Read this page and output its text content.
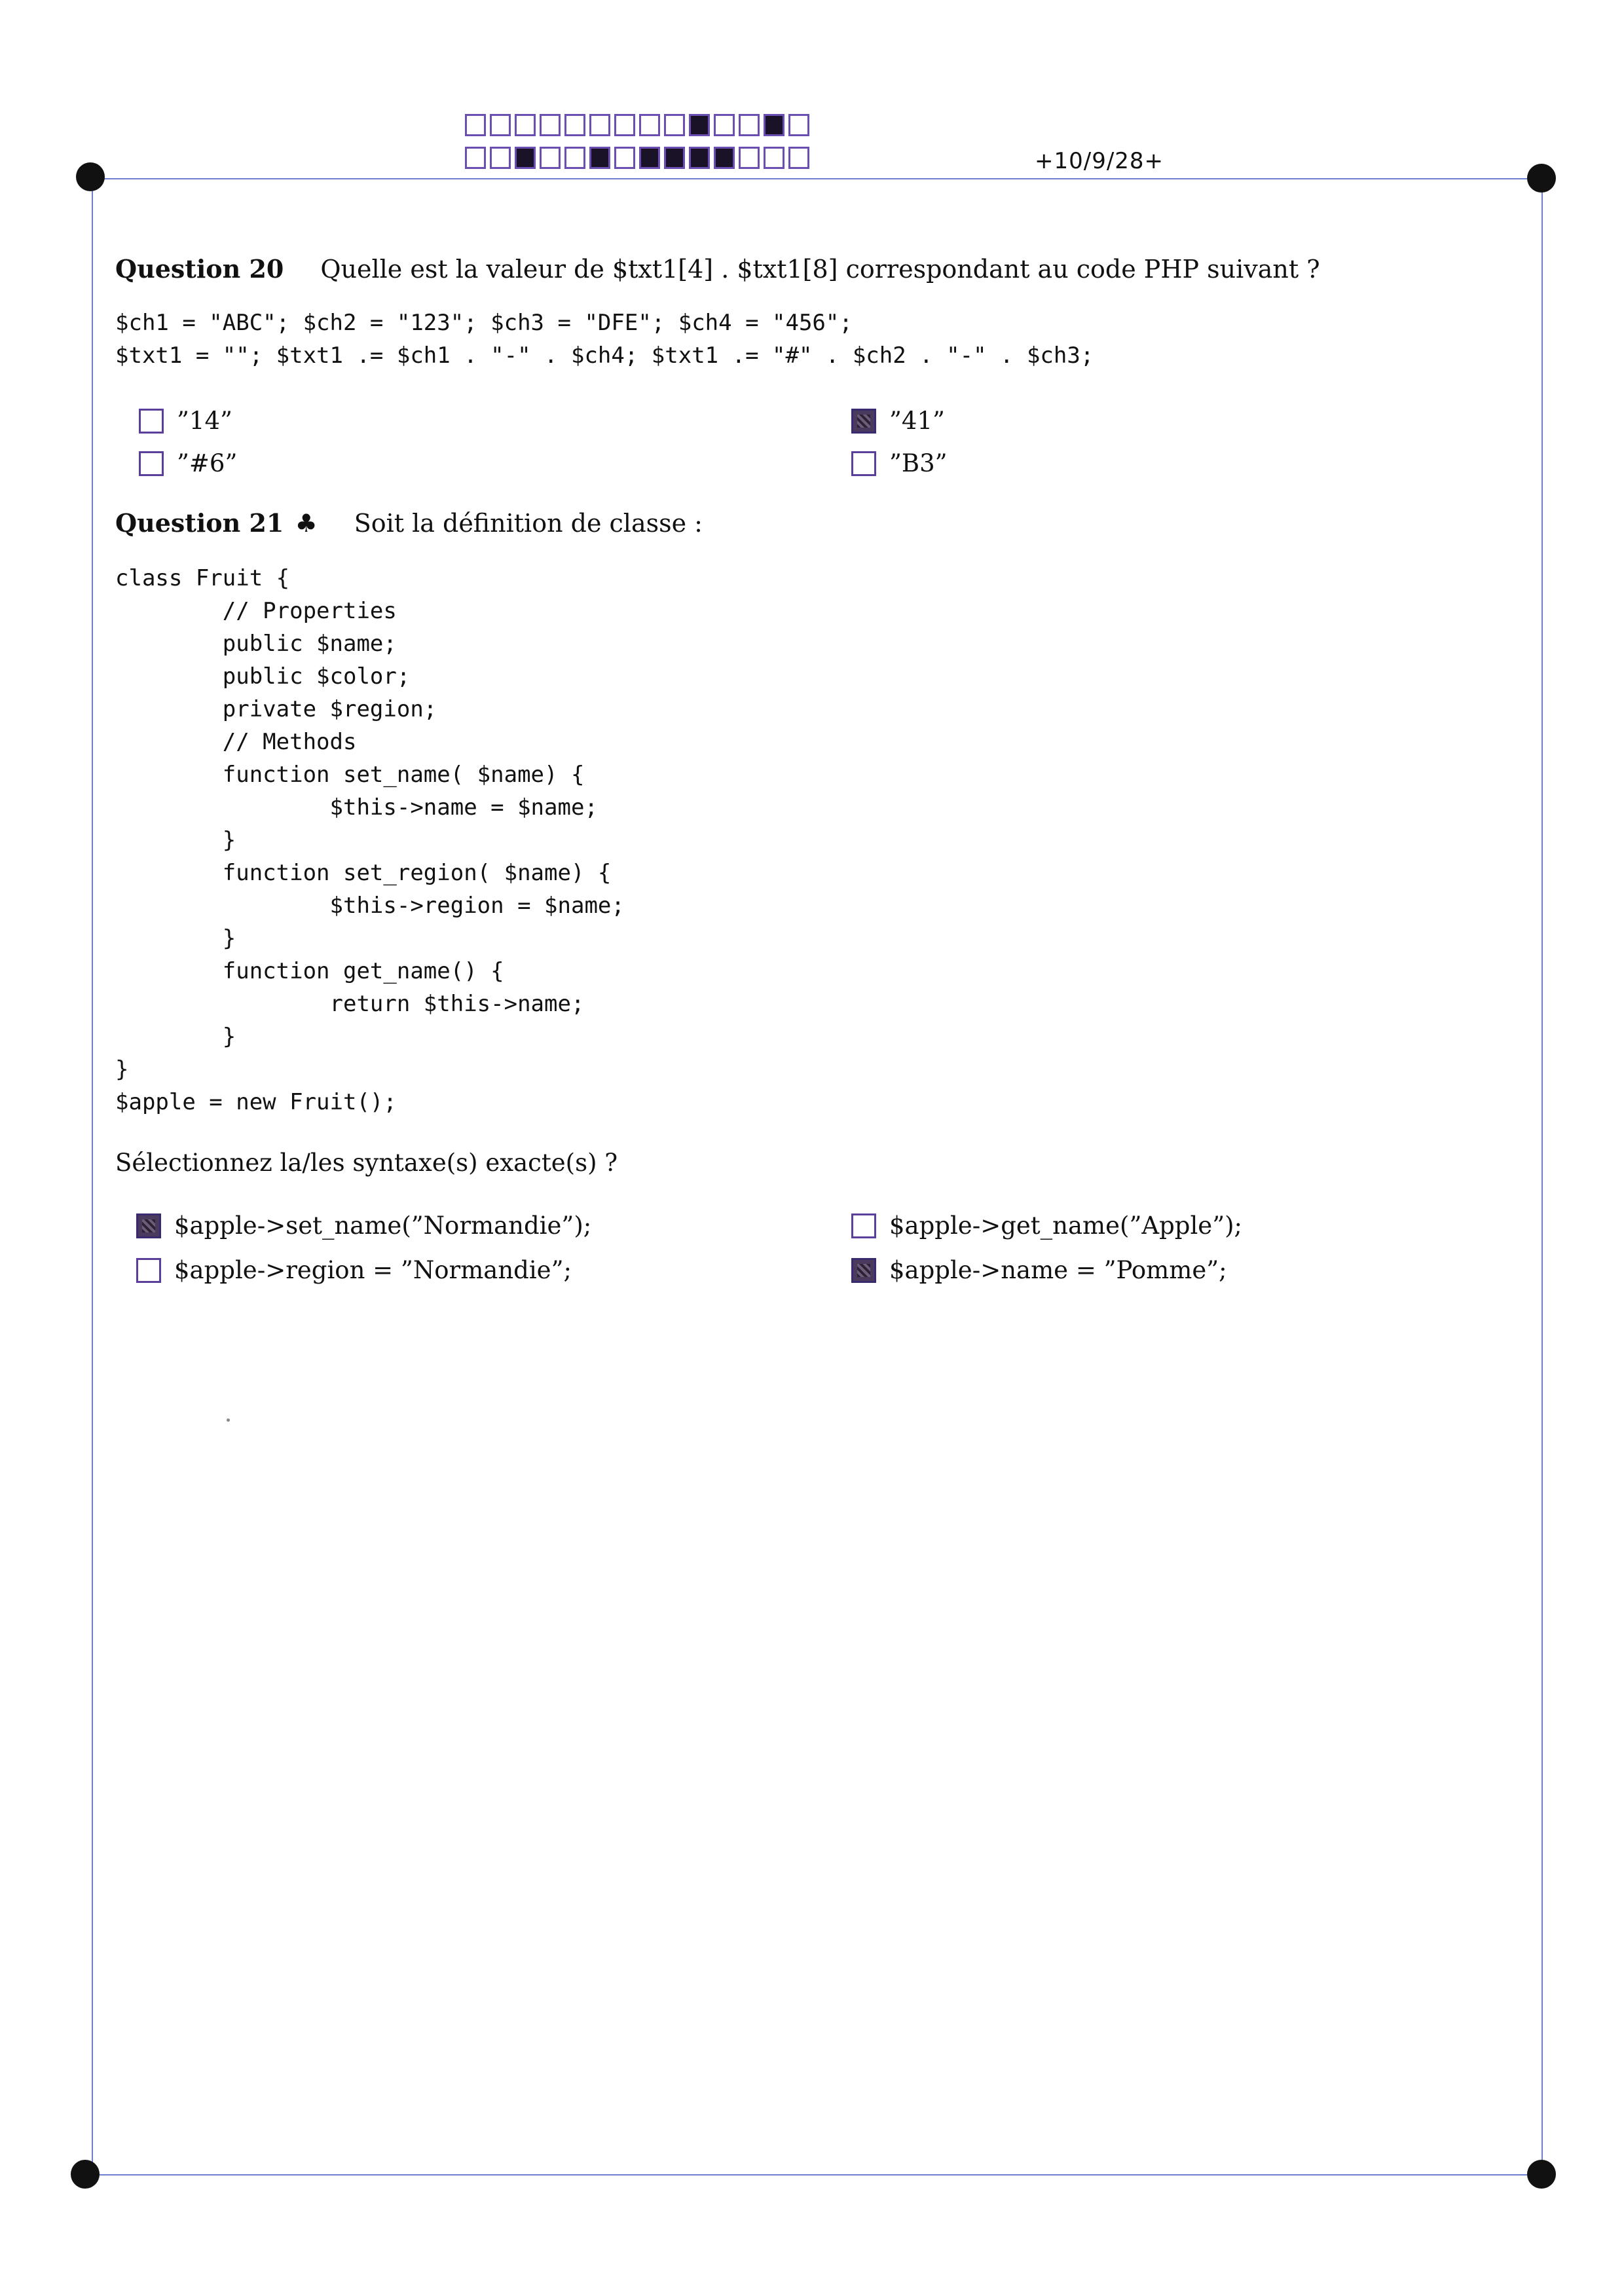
+10/9/28+
Question 20 Quelle est la valeur de $txt1[4] . $txt1[8] correspondant au code PHP suivant ?
$ch1 = "ABC"; $ch2 = "123"; $ch3 = "DFE"; $ch4 = "456";
$txt1 = ""; $txt1 .= $ch1 . "-" . $ch4; $txt1 .= "#" . $ch2 . "-" . $ch3;
”14”	”41”
”#6”	”B3”
Question 21 ♣ Soit la définition de classe :
class Fruit {
// Properties
public $name;
public $color;
private $region;
// Methods
function set_name( $name) {
$this->name = $name;
}
function set_region( $name) {
$this->region = $name;
}
function get_name() {
return $this->name;
}
}
$apple = new Fruit();
Sélectionnez la/les syntaxe(s) exacte(s) ?
$apple->set_name(”Normandie”);	$apple->get_name(”Apple”);
$apple->region = ”Normandie”;	$apple->name = ”Pomme”;
